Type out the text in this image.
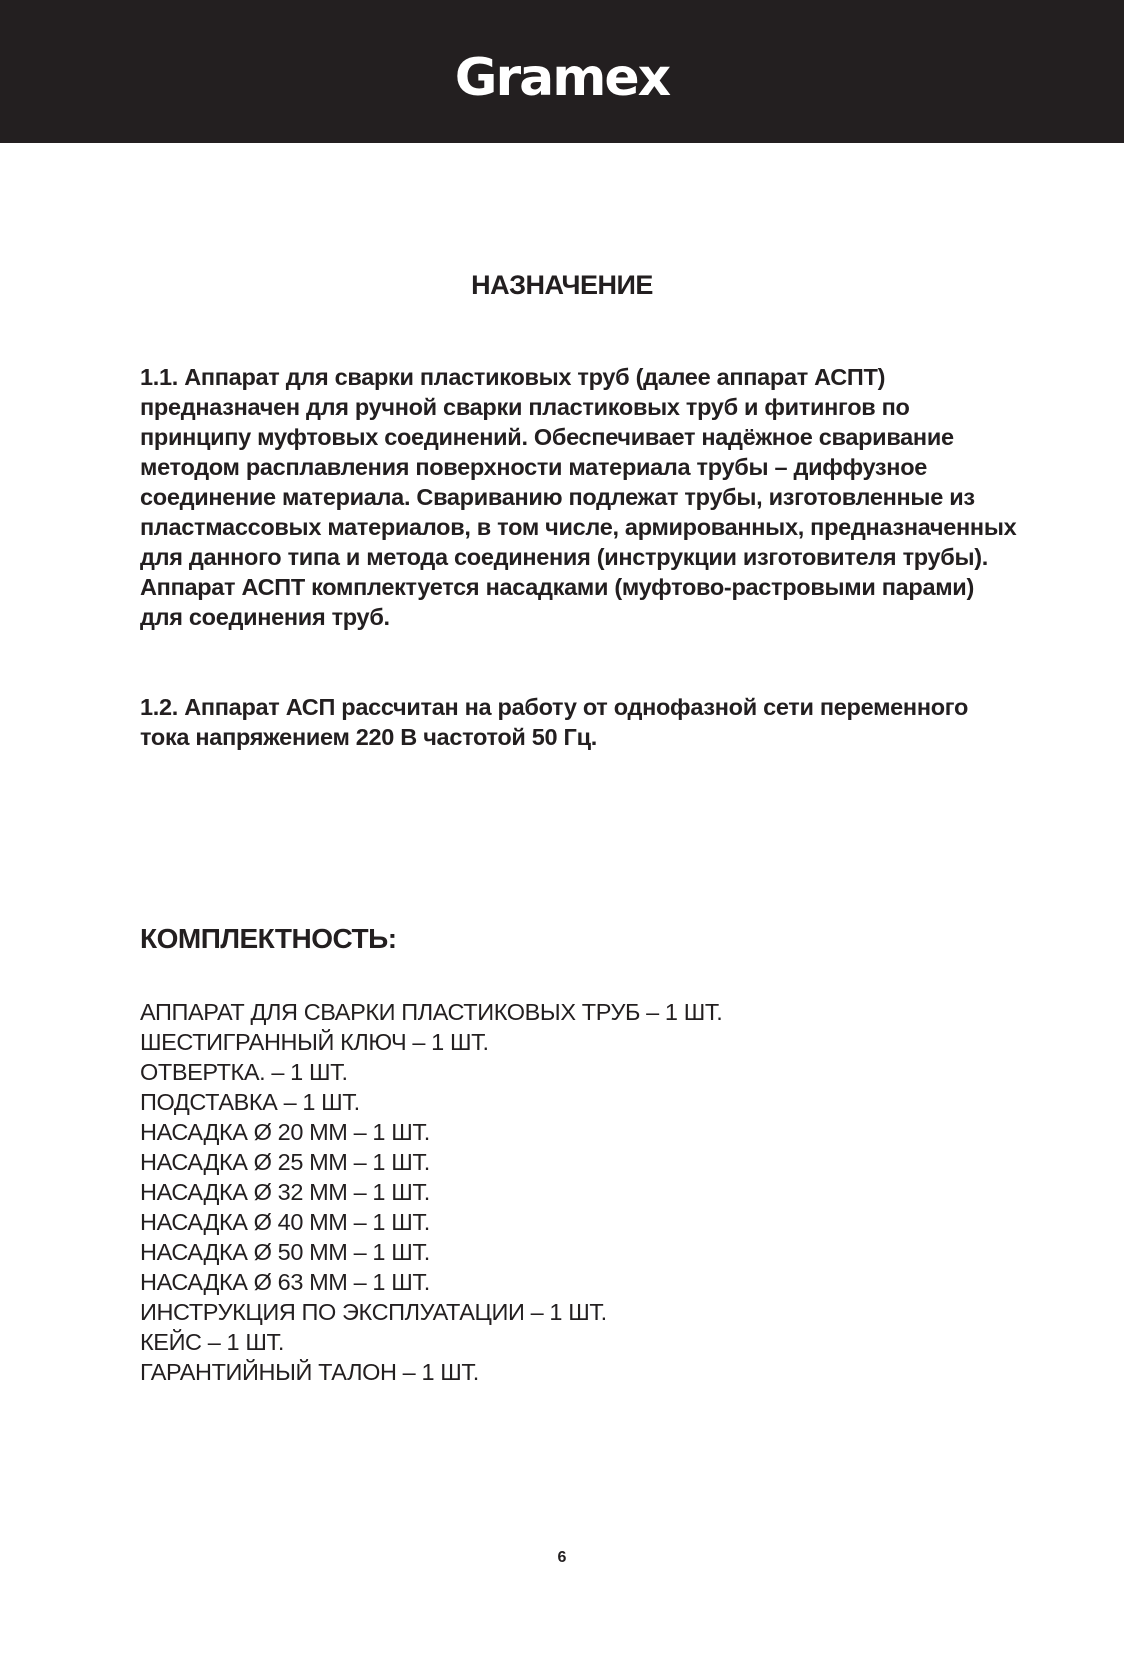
Gramex
НАЗНАЧЕНИЕ

1.1. Аппарат для сварки пластиковых труб (далее аппарат АСПТ) предназначен для ручной сварки пластиковых труб и фитингов по принципу муфтовых соединений. Обеспечивает надёжное сваривание методом расплавления поверхности материала трубы – диффузное соединение материала. Свариванию подлежат трубы, изготовленные из пластмассовых материалов, в том числе, армированных, предназначенных для данного типа и метода соединения (инструкции изготовителя трубы). Аппарат АСПТ комплектуется насадками (муфтово-растровыми парами) для соединения труб.

1.2. Аппарат АСП рассчитан на работу от однофазной сети переменного тока напряжением 220 В частотой 50 Гц.

КОМПЛЕКТНОСТЬ:
АППАРАТ ДЛЯ СВАРКИ ПЛАСТИКОВЫХ ТРУБ – 1 ШТ.
ШЕСТИГРАННЫЙ КЛЮЧ – 1 ШТ.
ОТВЕРТКА. – 1 ШТ.
ПОДСТАВКА – 1 ШТ.
НАСАДКА Ø 20 ММ – 1 ШТ.
НАСАДКА Ø 25 ММ – 1 ШТ.
НАСАДКА Ø 32 ММ – 1 ШТ.
НАСАДКА Ø 40 ММ – 1 ШТ.
НАСАДКА Ø 50 ММ – 1 ШТ.
НАСАДКА Ø 63 ММ – 1 ШТ.
ИНСТРУКЦИЯ ПО ЭКСПЛУАТАЦИИ – 1 ШТ.
КЕЙС – 1 ШТ.
ГАРАНТИЙНЫЙ ТАЛОН – 1 ШТ.
6
